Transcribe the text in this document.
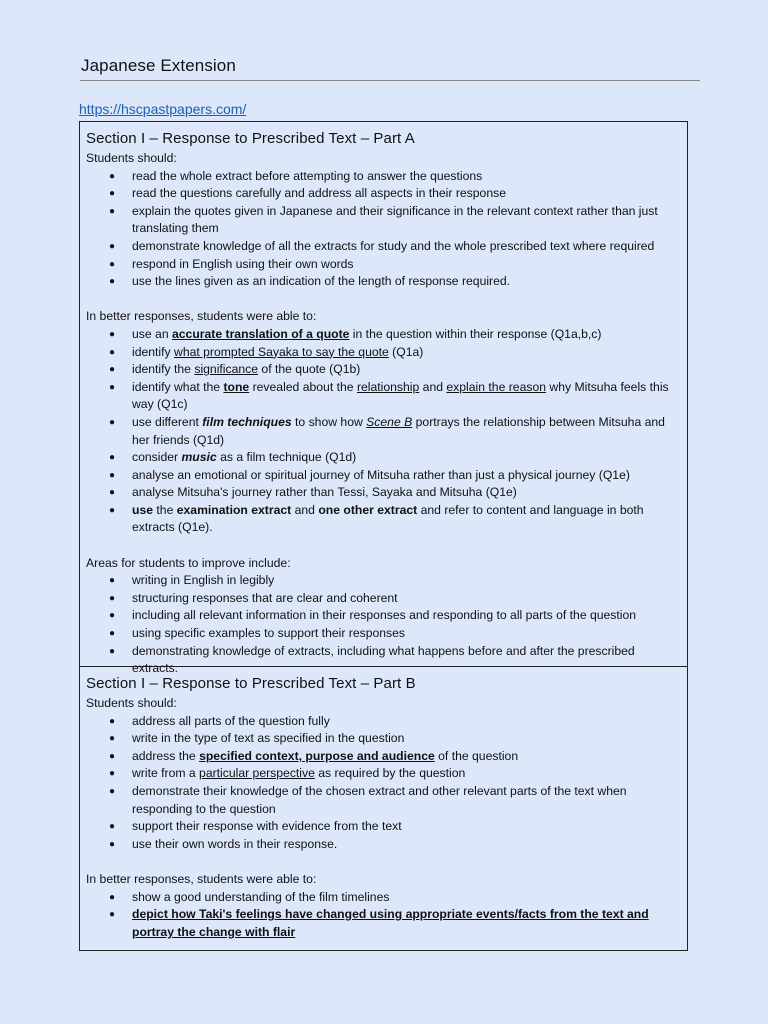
Japanese Extension
https://hscpastpapers.com/
Section I – Response to Prescribed Text – Part A

Students should:

● read the whole extract before attempting to answer the questions
● read the questions carefully and address all aspects in their response
● explain the quotes given in Japanese and their significance in the relevant context rather than just translating them
● demonstrate knowledge of all the extracts for study and the whole prescribed text where required
● respond in English using their own words
● use the lines given as an indication of the length of response required.

In better responses, students were able to:

● use an accurate translation of a quote in the question within their response (Q1a,b,c)
● identify what prompted Sayaka to say the quote (Q1a)
● identify the significance of the quote (Q1b)
● identify what the tone revealed about the relationship and explain the reason why Mitsuha feels this way (Q1c)
● use different film techniques to show how Scene B portrays the relationship between Mitsuha and her friends (Q1d)
● consider music as a film technique (Q1d)
● analyse an emotional or spiritual journey of Mitsuha rather than just a physical journey (Q1e)
● analyse Mitsuha's journey rather than Tessi, Sayaka and Mitsuha (Q1e)
● use the examination extract and one other extract and refer to content and language in both extracts (Q1e).

Areas for students to improve include:

● writing in English in legibly
● structuring responses that are clear and coherent
● including all relevant information in their responses and responding to all parts of the question
● using specific examples to support their responses
● demonstrating knowledge of extracts, including what happens before and after the prescribed extracts.
Section I – Response to Prescribed Text – Part B

Students should:

● address all parts of the question fully
● write in the type of text as specified in the question
● address the specified context, purpose and audience of the question
● write from a particular perspective as required by the question
● demonstrate their knowledge of the chosen extract and other relevant parts of the text when responding to the question
● support their response with evidence from the text
● use their own words in their response.

In better responses, students were able to:

● show a good understanding of the film timelines
● depict how Taki's feelings have changed using appropriate events/facts from the text and portray the change with flair
